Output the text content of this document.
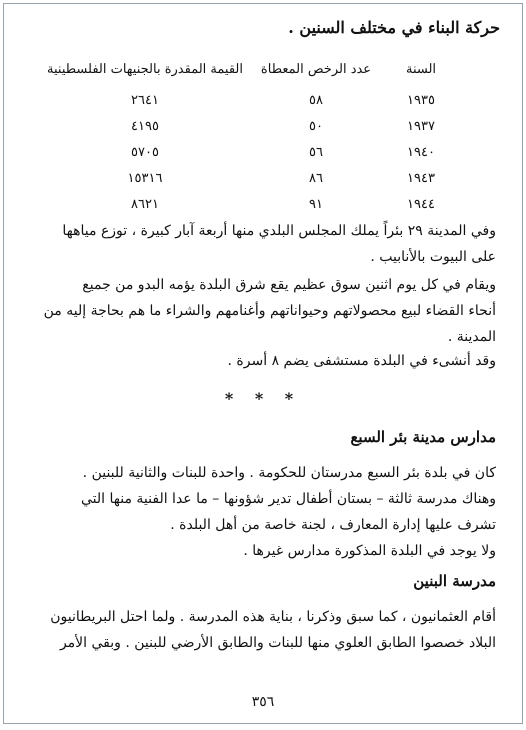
حركة البناء في مختلف السنين .
السنة	عدد الرخص المعطاة	القيمة المقدرة بالجنيهات الفلسطينية
١٩٣٥	٥٨	٢٦٤١
١٩٣٧	٥٠	٤١٩٥
١٩٤٠	٥٦	٥٧٠٥
١٩٤٣	٨٦	١٥٣١٦
١٩٤٤	٩١	٨٦٢١
وفي المدينة ٢٩ بئراً يملك المجلس البلدي منها أربعة آبار كبيرة ، توزع مياهها
على البيوت بالأنابيب .
ويقام في كل يوم اثنين سوق عظيم يقع شرق البلدة يؤمه البدو من جميع
أنحاء القضاء لبيع محصولاتهم وحيواناتهم وأغنامهم والشراء ما هم بحاجة إليه من
المدينة .
وقد أنشىء في البلدة مستشفى يضم ٨ أسرة .
* * *
مدارس مدينة بئر السبع
كان في بلدة بئر السبع مدرستان للحكومة . واحدة للبنات والثانية للبنين .
وهناك مدرسة ثالثة – بستان أطفال تدير شؤونها – ما عدا الفنية منها التي
تشرف عليها إدارة المعارف ، لجنة خاصة من أهل البلدة .
ولا يوجد في البلدة المذكورة مدارس غيرها .
مدرسة البنين
أقام العثمانيون ، كما سبق وذكرنا ، بناية هذه المدرسة . ولما احتل البريطانيون
البلاد خصصوا الطابق العلوي منها للبنات والطابق الأرضي للبنين . وبقي الأمر
٣٥٦
